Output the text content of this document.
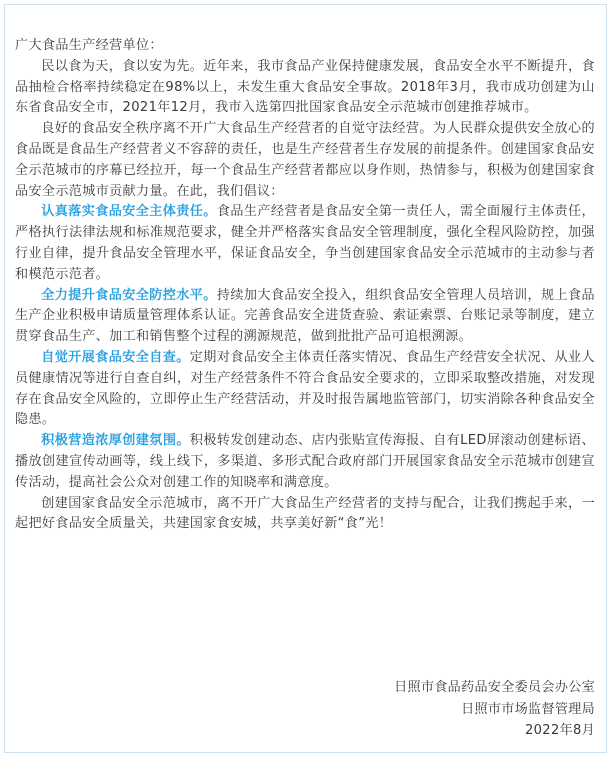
广大食品生产经营单位：

民以食为天，食以安为先。近年来，我市食品产业保持健康发展，食品安全水平不断提升，食品抽检合格率持续稳定在98%以上，未发生重大食品安全事故。2018年3月，我市成功创建为山东省食品安全市，2021年12月，我市入选第四批国家食品安全示范城市创建推荐城市。

良好的食品安全秩序离不开广大食品生产经营者的自觉守法经营。为人民群众提供安全放心的食品既是食品生产经营者义不容辞的责任，也是生产经营者生存发展的前提条件。创建国家食品安全示范城市的序幕已经拉开，每一个食品生产经营者都应以身作则，热情参与，积极为创建国家食品安全示范城市贡献力量。在此，我们倡议：

认真落实食品安全主体责任。食品生产经营者是食品安全第一责任人，需全面履行主体责任，严格执行法律法规和标准规范要求，健全并严格落实食品安全管理制度，强化全程风险防控，加强行业自律，提升食品安全管理水平，保证食品安全，争当创建国家食品安全示范城市的主动参与者和模范示范者。

全力提升食品安全防控水平。持续加大食品安全投入，组织食品安全管理人员培训，规上食品生产企业积极申请质量管理体系认证。完善食品安全进货查验、索证索票、台账记录等制度，建立贯穿食品生产、加工和销售整个过程的溯源规范，做到批批产品可追根溯源。

自觉开展食品安全自查。定期对食品安全主体责任落实情况、食品生产经营安全状况、从业人员健康情况等进行自查自纠，对生产经营条件不符合食品安全要求的，立即采取整改措施，对发现存在食品安全风险的，立即停止生产经营活动，并及时报告属地监管部门，切实消除各种食品安全隐患。

积极营造浓厚创建氛围。积极转发创建动态、店内张贴宣传海报、自有LED屏滚动创建标语、播放创建宣传动画等，线上线下，多渠道、多形式配合政府部门开展国家食品安全示范城市创建宣传活动，提高社会公众对创建工作的知晓率和满意度。

创建国家食品安全示范城市，离不开广大食品生产经营者的支持与配合，让我们携起手来，一起把好食品安全质量关，共建国家食安城，共享美好新“食”光！

日照市食品药品安全委员会办公室
日照市市场监督管理局
2022年8月
